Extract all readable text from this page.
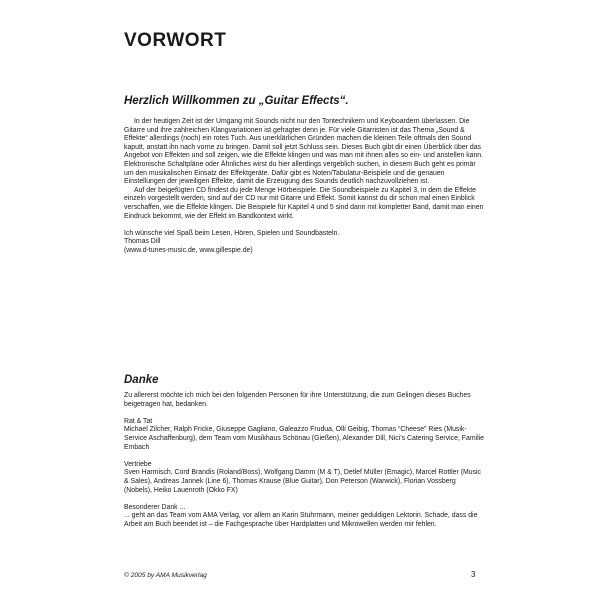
VORWORT
Herzlich Willkommen zu „Guitar Effects“.

In der heutigen Zeit ist der Umgang mit Sounds nicht nur den Tontechnikern und Keyboardern überlassen. Die Gitarre und ihre zahlreichen Klangvariationen ist gefragter denn je. Für viele Gitarristen ist das Thema „Sound & Effekte“ allerdings (noch) ein rotes Tuch. Aus unerklärlichen Gründen machen die kleinen Teile oftmals den Sound kaputt, anstatt ihn nach vorne zu bringen. Damit soll jetzt Schluss sein. Dieses Buch gibt dir einen Überblick über das Angebot von Effekten und soll zeigen, wie die Effekte klingen und was man mit ihnen alles so ein- und anstellen kann. Elektronische Schaltpläne oder Ähnliches wirst du hier allerdings vergeblich suchen, in diesem Buch geht es primär um den musikalischen Einsatz der Effektgeräte. Dafür gibt es Noten/Tabulatur-Beispiele und die genauen Einstellungen der jeweiligen Effekte, damit die Erzeugung des Sounds deutlich nachzuvollziehen ist.

Auf der beigefügten CD findest du jede Menge Hörbeispiele. Die Soundbeispiele zu Kapitel 3, in dem die Effekte einzeln vorgestellt werden, sind auf der CD nur mit Gitarre und Effekt. Somit kannst du dir schon mal einen Einblick verschaffen, wie die Effekte klingen. Die Beispiele für Kapitel 4 und 5 sind dann mit kompletter Band, damit man einen Eindruck bekommt, wie der Effekt im Bandkontext wirkt.

Ich wünsche viel Spaß beim Lesen, Hören, Spielen und Soundbasteln.

Thomas Dill

(www.d-tunes-music.de, www.gillespie.de)

Danke

Zu allererst möchte ich mich bei den folgenden Personen für ihre Unterstützung, die zum Gelingen dieses Buches beigetragen hat, bedanken.

Rat & Tat

Michael Zilcher, Ralph Fricke, Giuseppe Gagliano, Galeazzo Frudua, Olli Geibig, Thomas “Cheese” Ries (Musik-Service Aschaffenburg), dem Team vom Musikhaus Schönau (Gießen), Alexander Dill, Nici’s Catering Service, Familie Embach

Vertriebe

Sven Harmisch, Cord Brandis (Roland/Boss), Wolfgang Damm (M & T), Detlef Müller (Emagic), Marcel Rottler (Music & Sales), Andreas Jannek (Line 6), Thomas Krause (Blue Guitar), Don Peterson (Warwick), Florian Vossberg (Nobels), Heiko Lauenroth (Okko FX)

Besonderer Dank ...

... geht an das Team vom AMA Verlag, vor allem an Karin Stuhrmann, meiner geduldigen Lektorin. Schade, dass die Arbeit am Buch beendet ist – die Fachgesprache über Hardplatten und Mikrowellen werden mir fehlen.

© 2005 by AMA Musikverlag	3
